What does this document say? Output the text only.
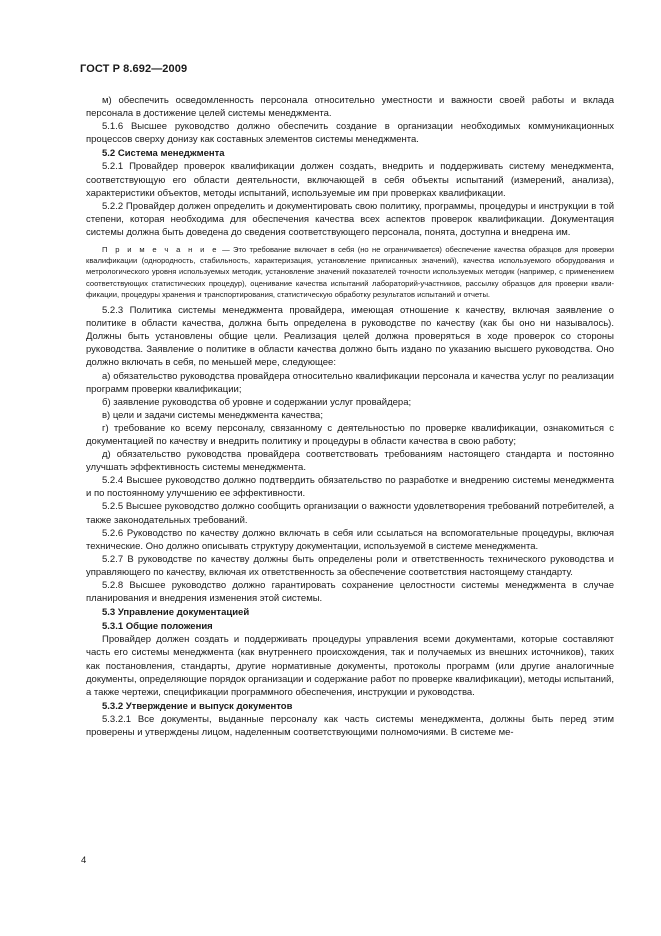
ГОСТ Р 8.692—2009

м) обеспечить осведомленность персонала относительно уместности и важности своей работы и вклада персонала в достижение целей системы менеджмента.

5.1.6 Высшее руководство должно обеспечить создание в организации необходимых коммуникационных процессов сверху донизу как составных элементов системы менеджмента.

5.2 Система менеджмента

5.2.1 Провайдер проверок квалификации должен создать, внедрить и поддерживать систему менеджмента, соответствующую его области деятельности, включающей в себя объекты испытаний (измерений, анализа), характеристики объектов, методы испытаний, используемые им при проверках квалификации.

5.2.2 Провайдер должен определить и документировать свою политику, программы, процедуры и инструкции в той степени, которая необходима для обеспечения качества всех аспектов проверок квалификации. Документация системы должна быть доведена до сведения соответствующего персонала, понята, доступна и внедрена им.

П р и м е ч а н и е — Это требование включает в себя (но не ограничивается) обеспечение качества образцов для проверки квалификации (однородность, стабильность, характеризация, установление приписанных значений), качества используемого оборудования и метрологического уровня используемых методик, установление значений показателей точности используемых методик (например, с применением соответствующих статистических процедур), оценивание качества испытаний лабораторий-участников, рассылку образцов для проверки квалификации, процедуры хранения и транспортирования, статистическую обработку результатов испытаний и отчеты.

5.2.3 Политика системы менеджмента провайдера, имеющая отношение к качеству, включая заявление о политике в области качества, должна быть определена в руководстве по качеству (как бы оно ни называлось). Должны быть установлены общие цели. Реализация целей должна проверяться в ходе проверок со стороны руководства. Заявление о политике в области качества должно быть издано по указанию высшего руководства. Оно должно включать в себя, по меньшей мере, следующее:

а) обязательство руководства провайдера относительно квалификации персонала и качества услуг по реализации программ проверки квалификации;

б) заявление руководства об уровне и содержании услуг провайдера;

в) цели и задачи системы менеджмента качества;

г) требование ко всему персоналу, связанному с деятельностью по проверке квалификации, ознакомиться с документацией по качеству и внедрить политику и процедуры в области качества в свою работу;

д) обязательство руководства провайдера соответствовать требованиям настоящего стандарта и постоянно улучшать эффективность системы менеджмента.

5.2.4 Высшее руководство должно подтвердить обязательство по разработке и внедрению системы менеджмента и по постоянному улучшению ее эффективности.

5.2.5 Высшее руководство должно сообщить организации о важности удовлетворения требований потребителей, а также законодательных требований.

5.2.6 Руководство по качеству должно включать в себя или ссылаться на вспомогательные процедуры, включая технические. Оно должно описывать структуру документации, используемой в системе менеджмента.

5.2.7 В руководстве по качеству должны быть определены роли и ответственность технического руководства и управляющего по качеству, включая их ответственность за обеспечение соответствия настоящему стандарту.

5.2.8 Высшее руководство должно гарантировать сохранение целостности системы менеджмента в случае планирования и внедрения изменения этой системы.

5.3 Управление документацией

5.3.1 Общие положения

Провайдер должен создать и поддерживать процедуры управления всеми документами, которые составляют часть его системы менеджмента (как внутреннего происхождения, так и получаемых из внешних источников), таких как постановления, стандарты, другие нормативные документы, протоколы программ (или другие аналогичные документы, определяющие порядок организации и содержание работ по проверке квалификации), методы испытаний, а также чертежи, спецификации программного обеспечения, инструкции и руководства.

5.3.2 Утверждение и выпуск документов

5.3.2.1 Все документы, выданные персоналу как часть системы менеджмента, должны быть перед этим проверены и утверждены лицом, наделенным соответствующими полномочиями. В системе ме-

4
